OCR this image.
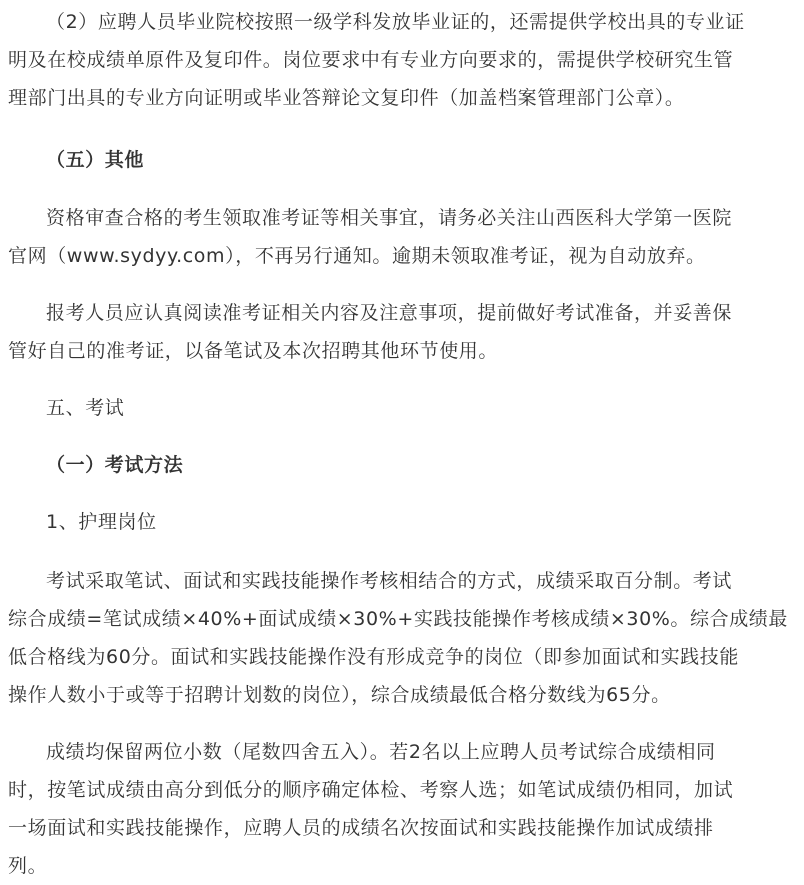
（2）应聘人员毕业院校按照一级学科发放毕业证的，还需提供学校出具的专业证
明及在校成绩单原件及复印件。岗位要求中有专业方向要求的，需提供学校研究生管
理部门出具的专业方向证明或毕业答辩论文复印件（加盖档案管理部门公章）。
（五）其他
资格审查合格的考生领取准考证等相关事宜，请务必关注山西医科大学第一医院
官网（www.sydyy.com），不再另行通知。逾期未领取准考证，视为自动放弃。
报考人员应认真阅读准考证相关内容及注意事项，提前做好考试准备，并妥善保
管好自己的准考证，以备笔试及本次招聘其他环节使用。
五、考试
（一）考试方法
1、护理岗位
考试采取笔试、面试和实践技能操作考核相结合的方式，成绩采取百分制。考试
综合成绩=笔试成绩×40%+面试成绩×30%+实践技能操作考核成绩×30%。综合成绩最
低合格线为60分。面试和实践技能操作没有形成竞争的岗位（即参加面试和实践技能
操作人数小于或等于招聘计划数的岗位），综合成绩最低合格分数线为65分。
成绩均保留两位小数（尾数四舍五入）。若2名以上应聘人员考试综合成绩相同
时，按笔试成绩由高分到低分的顺序确定体检、考察人选；如笔试成绩仍相同，加试
一场面试和实践技能操作，应聘人员的成绩名次按面试和实践技能操作加试成绩排
列。
